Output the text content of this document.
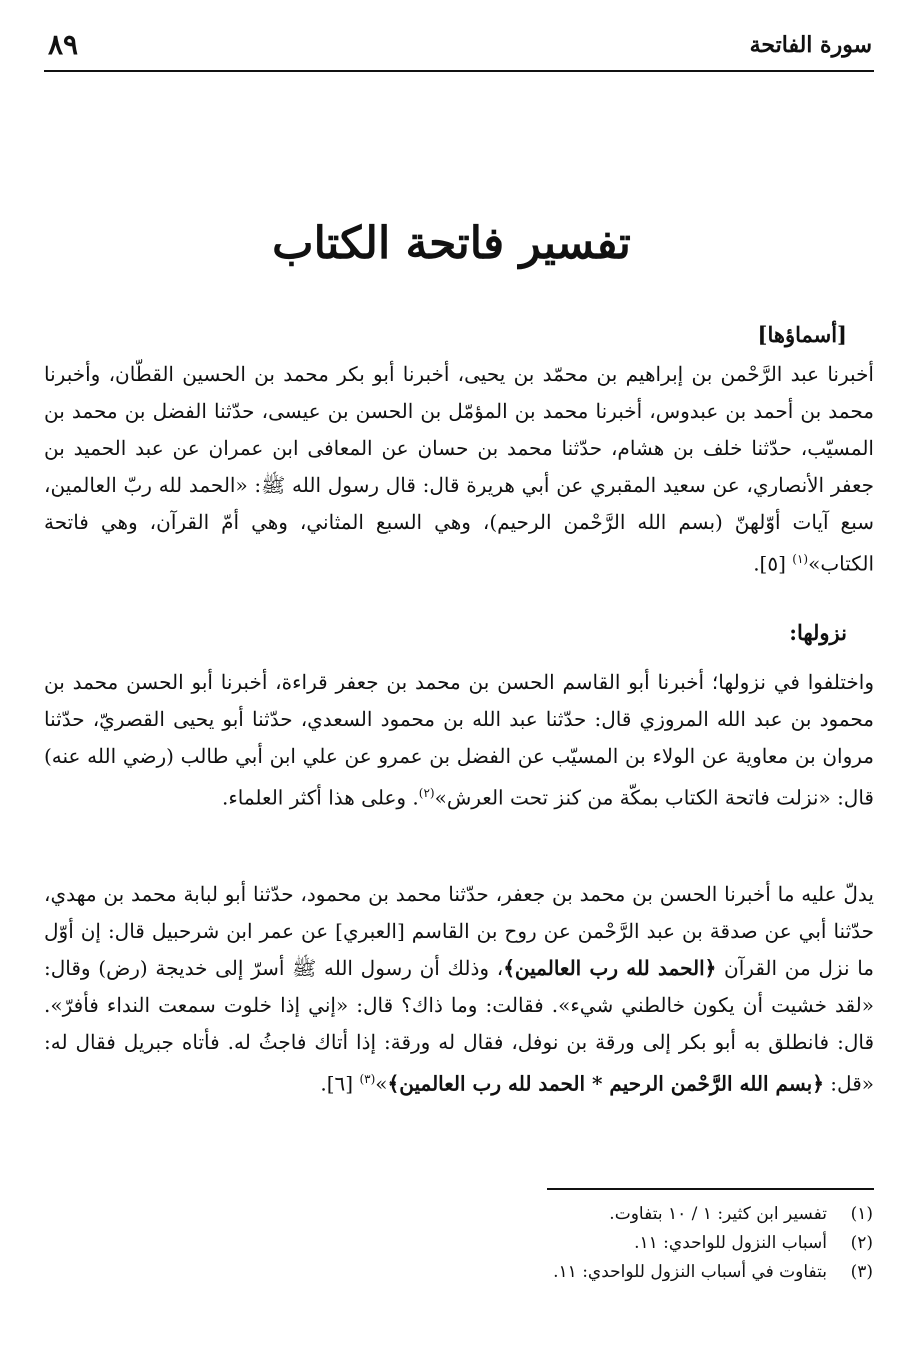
سورة الفاتحة
٨٩
تفسير فاتحة الكتاب
[أسماؤها]

أخبرنا عبد الرَّحْمن بن إبراهيم بن محمّد بن يحيى، أخبرنا أبو بكر محمد بن الحسين القطّان، وأخبرنا محمد بن أحمد بن عبدوس، أخبرنا محمد بن المؤمّل بن الحسن بن عيسى، حدّثنا الفضل بن محمد بن المسيّب، حدّثنا خلف بن هشام، حدّثنا محمد بن حسان عن المعافى ابن عمران عن عبد الحميد بن جعفر الأنصاري، عن سعيد المقبري عن أبي هريرة قال: قال رسول الله ﷺ: «الحمد لله ربّ العالمين، سبع آيات أوّلهنّ (بسم الله الرَّحْمن الرحيم)، وهي السبع المثاني، وهي أمّ القرآن، وهي فاتحة الكتاب»$^{(١)}$ [٥].

نزولها:

واختلفوا في نزولها؛ أخبرنا أبو القاسم الحسن بن محمد بن جعفر قراءة، أخبرنا أبو الحسن محمد بن محمود بن عبد الله المروزي قال: حدّثنا عبد الله بن محمود السعدي، حدّثنا أبو يحيى القصريّ، حدّثنا مروان بن معاوية عن الولاء بن المسيّب عن الفضل بن عمرو عن علي ابن أبي طالب (رضي الله عنه) قال: «نزلت فاتحة الكتاب بمكّة من كنز تحت العرش»$^{(٢)}$. وعلى هذا أكثر العلماء.

يدلّ عليه ما أخبرنا الحسن بن محمد بن جعفر، حدّثنا محمد بن محمود، حدّثنا أبو لبابة محمد بن مهدي، حدّثنا أبي عن صدقة بن عبد الرَّحْمن عن روح بن القاسم [العبري] عن عمر ابن شرحبيل قال: إن أوّل ما نزل من القرآن ﴿الحمد لله رب العالمين﴾، وذلك أن رسول الله ﷺ أسرّ إلى خديجة (رض) وقال: «لقد خشيت أن يكون خالطني شيء». فقالت: وما ذاك؟ قال: «إني إذا خلوت سمعت النداء فأفرّ». قال: فانطلق به أبو بكر إلى ورقة بن نوفل، فقال له ورقة: إذا أتاك فاجثُ له. فأتاه جبريل فقال له: «قل: ﴿بسم الله الرَّحْمن الرحيم * الحمد لله رب العالمين﴾»$^{(٣)}$ [٦].

(١)
تفسير ابن كثير: ١ / ١٠ بتفاوت.
(٢)
أسباب النزول للواحدي: ١١.
(٣)
بتفاوت في أسباب النزول للواحدي: ١١.
